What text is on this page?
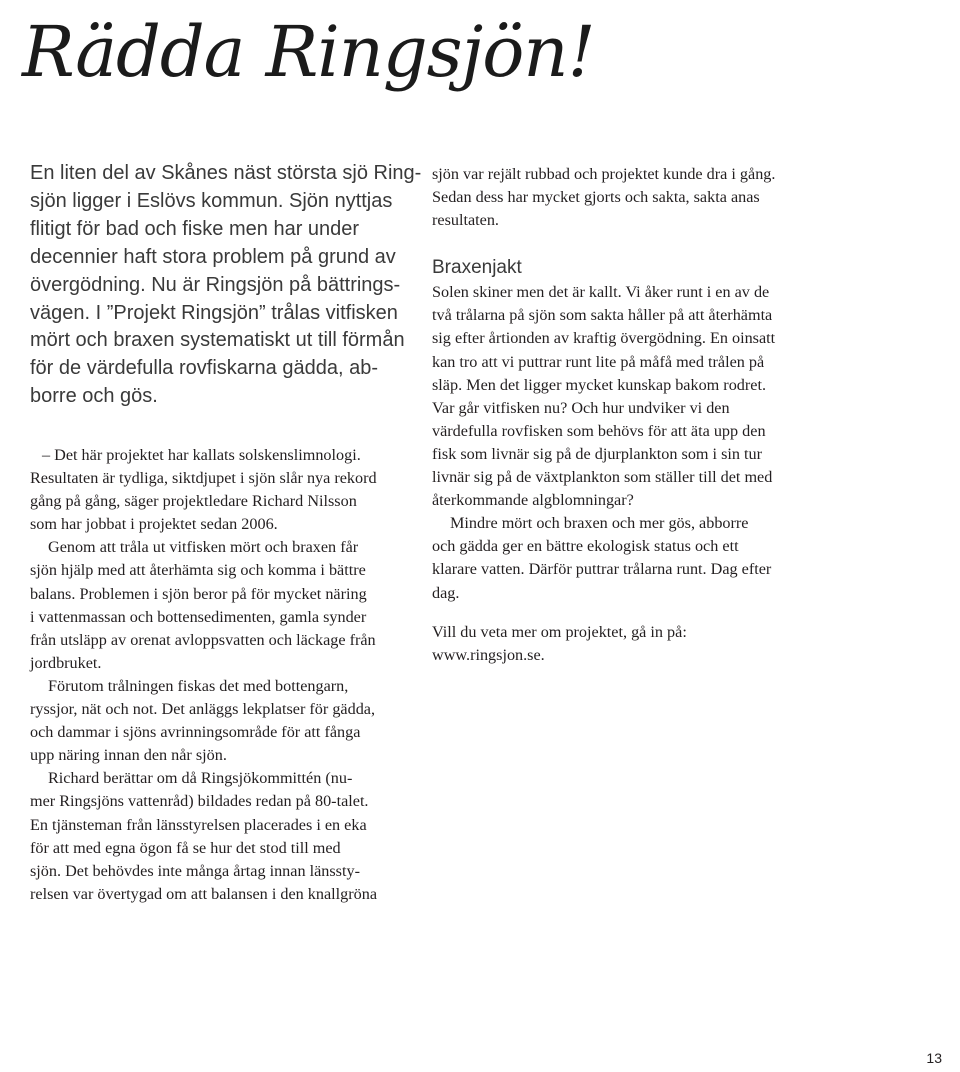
Rädda Ringsjön!
En liten del av Skånes näst största sjö Ring-
sjön ligger i Eslövs kommun. Sjön nyttjas
flitigt för bad och fiske men har under
decennier haft stora problem på grund av
övergödning. Nu är Ringsjön på bättrings-
vägen. I ”Projekt Ringsjön” trålas vitfisken
mört och braxen systematiskt ut till förmån
för de värdefulla rovfiskarna gädda, ab-
borre och gös.
– Det här projektet har kallats solskenslimnologi.
Resultaten är tydliga, siktdjupet i sjön slår nya rekord
gång på gång, säger projektledare Richard Nilsson
som har jobbat i projektet sedan 2006.
Genom att tråla ut vitfisken mört och braxen får
sjön hjälp med att återhämta sig och komma i bättre
balans. Problemen i sjön beror på för mycket näring
i vattenmassan och bottensedimenten, gamla synder
från utsläpp av orenat avloppsvatten och läckage från
jordbruket.
Förutom trålningen fiskas det med bottengarn,
ryssjor, nät och not. Det anläggs lekplatser för gädda,
och dammar i sjöns avrinningsområde för att fånga
upp näring innan den når sjön.
Richard berättar om då Ringsjökommittén (nu-
mer Ringsjöns vattenråd) bildades redan på 80-talet.
En tjänsteman från länsstyrelsen placerades i en eka
för att med egna ögon få se hur det stod till med
sjön. Det behövdes inte många årtag innan länssty-
relsen var övertygad om att balansen i den knallgröna
sjön var rejält rubbad och projektet kunde dra i gång.
Sedan dess har mycket gjorts och sakta, sakta anas
resultaten.
Braxenjakt
Solen skiner men det är kallt. Vi åker runt i en av de
två trålarna på sjön som sakta håller på att återhämta
sig efter årtionden av kraftig övergödning. En oinsatt
kan tro att vi puttrar runt lite på måfå med trålen på
släp. Men det ligger mycket kunskap bakom rodret.
Var går vitfisken nu? Och hur undviker vi den
värdefulla rovfisken som behövs för att äta upp den
fisk som livnär sig på de djurplankton som i sin tur
livnär sig på de växtplankton som ställer till det med
återkommande algblomningar?
Mindre mört och braxen och mer gös, abborre
och gädda ger en bättre ekologisk status och ett
klarare vatten. Därför puttrar trålarna runt. Dag efter
dag.
Vill du veta mer om projektet, gå in på:
www.ringsjon.se.
13
